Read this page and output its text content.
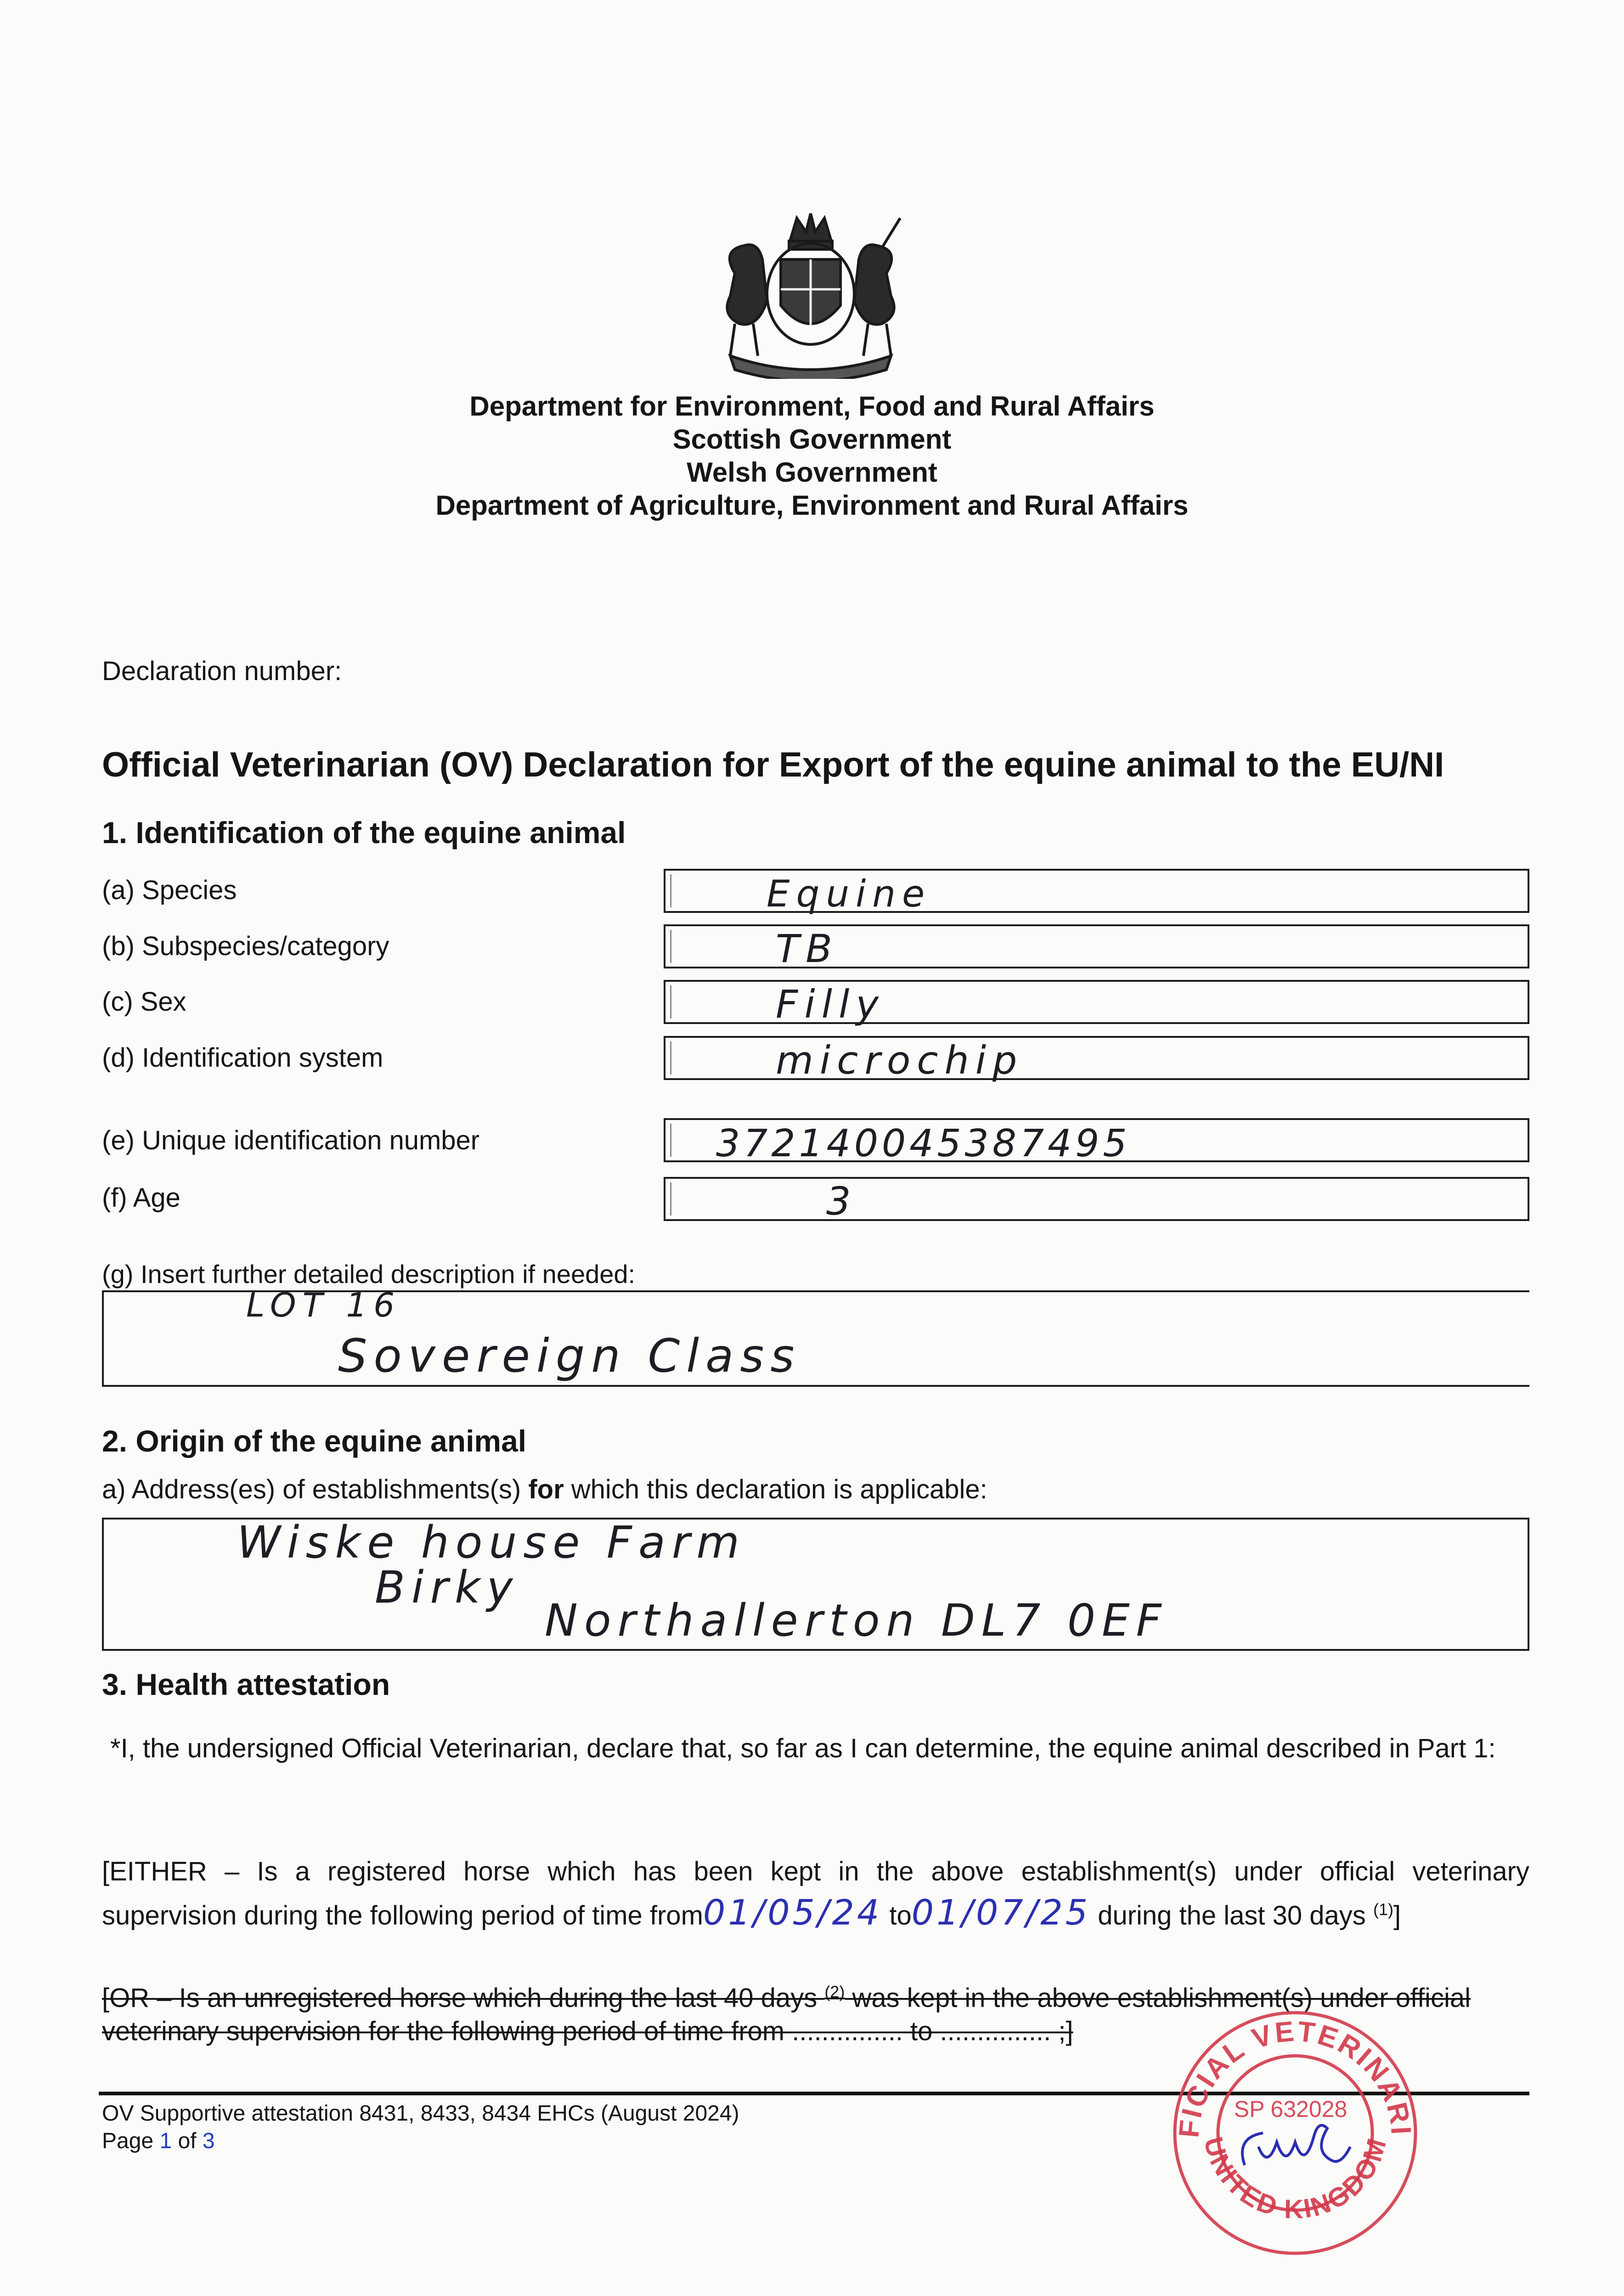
Department for Environment, Food and Rural Affairs
Scottish Government
Welsh Government
Department of Agriculture, Environment and Rural Affairs
Declaration number:
Official Veterinarian (OV) Declaration for Export of the equine animal to the EU/NI
1. Identification of the equine animal
(a) Species	Equine
(b) Subspecies/category	TB
(c) Sex	Filly
(d) Identification system	microchip
(e) Unique identification number	372140045387495
(f) Age	3
(g) Insert further detailed description if needed:
LOT 16
Sovereign Class
2. Origin of the equine animal
a) Address(es) of establishments(s) for which this declaration is applicable:
Wiske house Farm
Birky
Northallerton DL7 0EF
3. Health attestation
*I, the undersigned Official Veterinarian, declare that, so far as I can determine, the equine animal described in Part 1:
[EITHER – Is a registered horse which has been kept in the above establishment(s) under official veterinary
supervision during the following period of time from01/05/24 to01/07/25 during the last 30 days $^{(1)}$]
[OR – Is an unregistered horse which during the last 40 days $^{(2)}$ was kept in the above establishment(s) under official
veterinary supervision for the following period of time from ............... to ............... ;]
OV Supportive attestation 8431, 8433, 8434 EHCs (August 2024)
Page 1 of 3
FICIAL VETERINARI
UNITED KINGDOM
SP 632028
